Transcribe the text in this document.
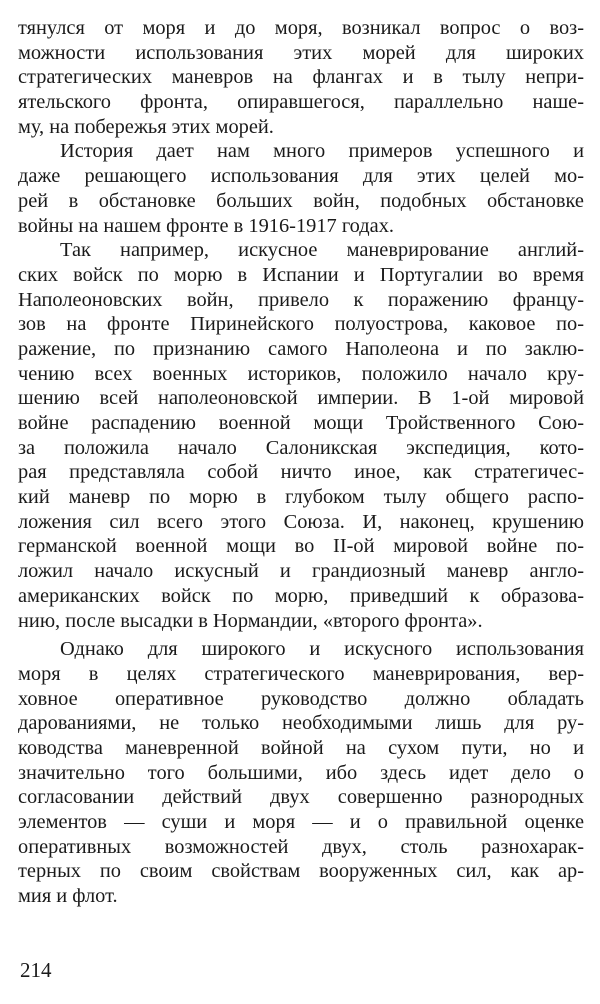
тянулся от моря и до моря, возникал вопрос о воз-
можности использования этих морей для широких
стратегических маневров на флангах и в тылу непри-
ятельского фронта, опиравшегося, параллельно наше-
му, на побережья этих морей.
История дает нам много примеров успешного и
даже решающего использования для этих целей мо-
рей в обстановке больших войн, подобных обстановке
войны на нашем фронте в 1916-1917 годах.
Так например, искусное маневрирование англий-
ских войск по морю в Испании и Португалии во время
Наполеоновских войн, привело к поражению францу-
зов на фронте Пиринейского полуострова, каковое по-
ражение, по признанию самого Наполеона и по заклю-
чению всех военных историков, положило начало кру-
шению всей наполеоновской империи. В 1-ой мировой
войне распадению военной мощи Тройственного Сою-
за положила начало Салоникская экспедиция, кото-
рая представляла собой ничто иное, как стратегичес-
кий маневр по морю в глубоком тылу общего распо-
ложения сил всего этого Союза. И, наконец, крушению
германской военной мощи во II-ой мировой войне по-
ложил начало искусный и грандиозный маневр англо-
американских войск по морю, приведший к образова-
нию, после высадки в Нормандии, «второго фронта».
Однако для широкого и искусного использования
моря в целях стратегического маневрирования, вер-
ховное оперативное руководство должно обладать
дарованиями, не только необходимыми лишь для ру-
ководства маневренной войной на сухом пути, но и
значительно того большими, ибо здесь идет дело о
согласовании действий двух совершенно разнородных
элементов — суши и моря — и о правильной оценке
оперативных возможностей двух, столь разнохарак-
терных по своим свойствам вооруженных сил, как ар-
мия и флот.
214
